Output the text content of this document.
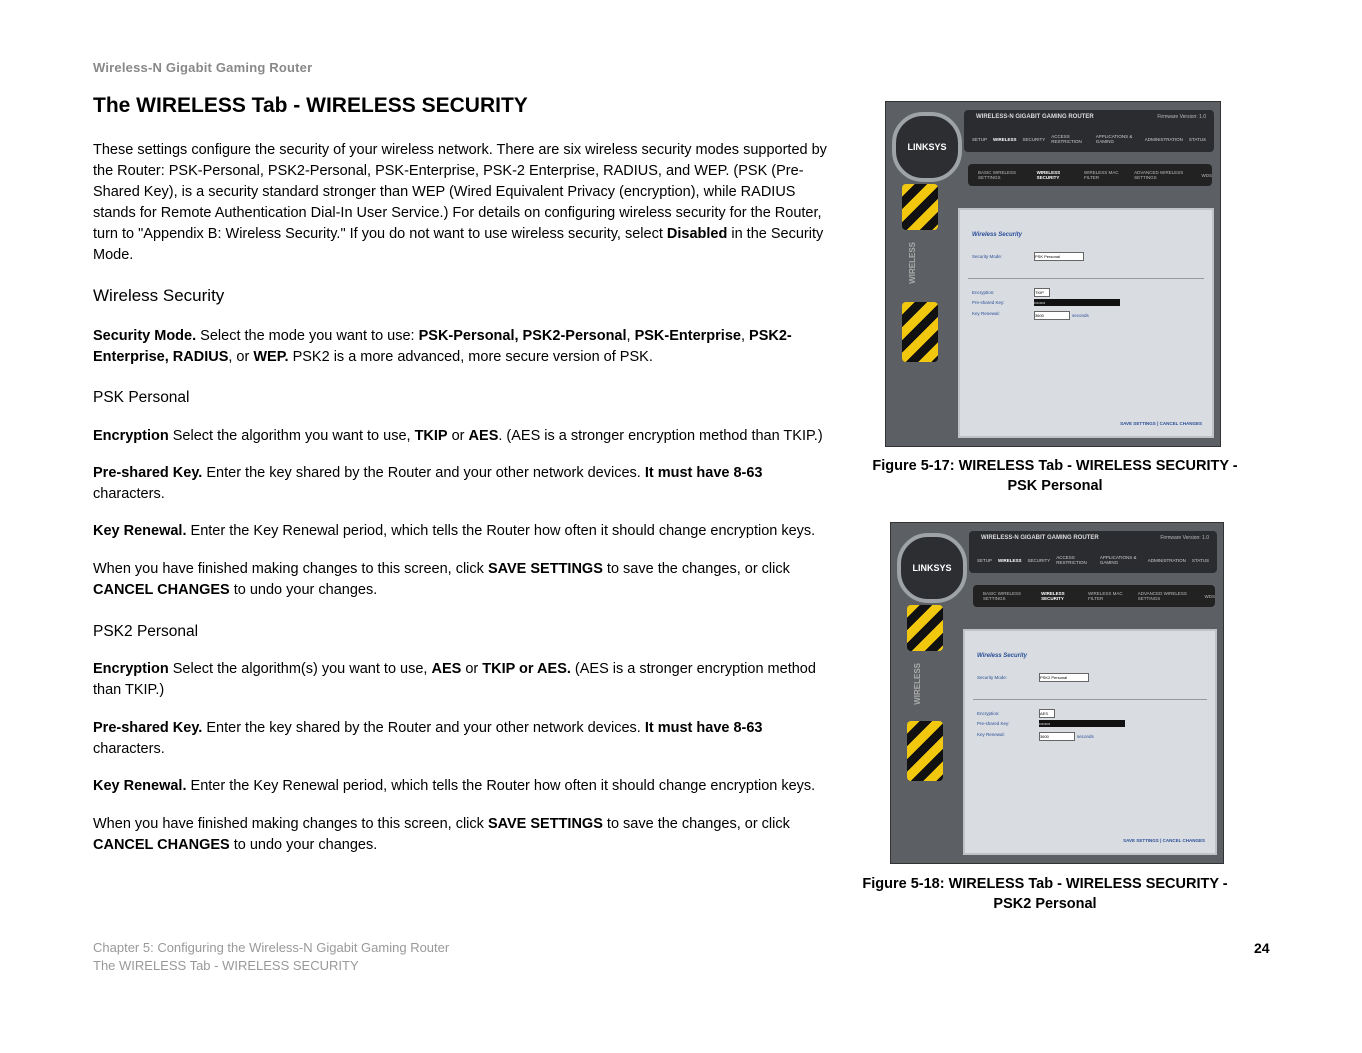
Wireless-N Gigabit Gaming Router
The WIRELESS Tab - WIRELESS SECURITY

These settings configure the security of your wireless network. There are six wireless security modes supported by the Router: PSK-Personal, PSK2-Personal, PSK-Enterprise, PSK-2 Enterprise, RADIUS, and WEP. (PSK (Pre-Shared Key), is a security standard stronger than WEP (Wired Equivalent Privacy (encryption), while RADIUS stands for Remote Authentication Dial-In User Service.) For details on configuring wireless security for the Router, turn to "Appendix B: Wireless Security." If you do not want to use wireless security, select Disabled in the Security Mode.

Wireless Security

Security Mode. Select the mode you want to use: PSK-Personal, PSK2-Personal, PSK-Enterprise, PSK2-Enterprise, RADIUS, or WEP. PSK2 is a more advanced, more secure version of PSK.

PSK Personal

Encryption Select the algorithm you want to use, TKIP or AES. (AES is a stronger encryption method than TKIP.)

Pre-shared Key. Enter the key shared by the Router and your other network devices. It must have 8-63 characters.

Key Renewal. Enter the Key Renewal period, which tells the Router how often it should change encryption keys.

When you have finished making changes to this screen, click SAVE SETTINGS to save the changes, or click CANCEL CHANGES to undo your changes.

PSK2 Personal

Encryption Select the algorithm(s) you want to use, AES or TKIP or AES. (AES is a stronger encryption method than TKIP.)

Pre-shared Key. Enter the key shared by the Router and your other network devices. It must have 8-63 characters.

Key Renewal. Enter the Key Renewal period, which tells the Router how often it should change encryption keys.

When you have finished making changes to this screen, click SAVE SETTINGS to save the changes, or click CANCEL CHANGES to undo your changes.

LINKSYS
WIRELESS-N GIGABIT GAMING ROUTER	Firmware Version: 1.0
SETUP WIRELESS SECURITY ACCESS RESTRICTION
APPLICATIONS & GAMING	ADMINISTRATION STATUS
BASIC WIRELESS SETTINGS
WIRELESS SECURITY
WIRELESS MAC FILTER
ADVANCED WIRELESS SETTINGS	WDS
WIRELESS
Wireless Security
Security Mode:	PSK Personal
Encryption:	TKIP
Pre-shared Key:	••••••••
Key Renewal:	3600	seconds
SAVE SETTINGS | CANCEL CHANGES
Figure 5-17: WIRELESS Tab - WIRELESS SECURITY -
PSK Personal
LINKSYS
WIRELESS-N GIGABIT GAMING ROUTER	Firmware Version: 1.0
SETUP WIRELESS SECURITY ACCESS RESTRICTION
APPLICATIONS & GAMING	ADMINISTRATION STATUS
BASIC WIRELESS SETTINGS
WIRELESS SECURITY
WIRELESS MAC FILTER
ADVANCED WIRELESS SETTINGS	WDS
WIRELESS
Wireless Security
Security Mode:	PSK2 Personal
Encryption:	AES
Pre-shared Key:	••••••••
Key Renewal:	3600	seconds
SAVE SETTINGS | CANCEL CHANGES
Figure 5-18: WIRELESS Tab - WIRELESS SECURITY -
PSK2 Personal
Chapter 5: Configuring the Wireless-N Gigabit Gaming Router
The WIRELESS Tab - WIRELESS SECURITY
24
